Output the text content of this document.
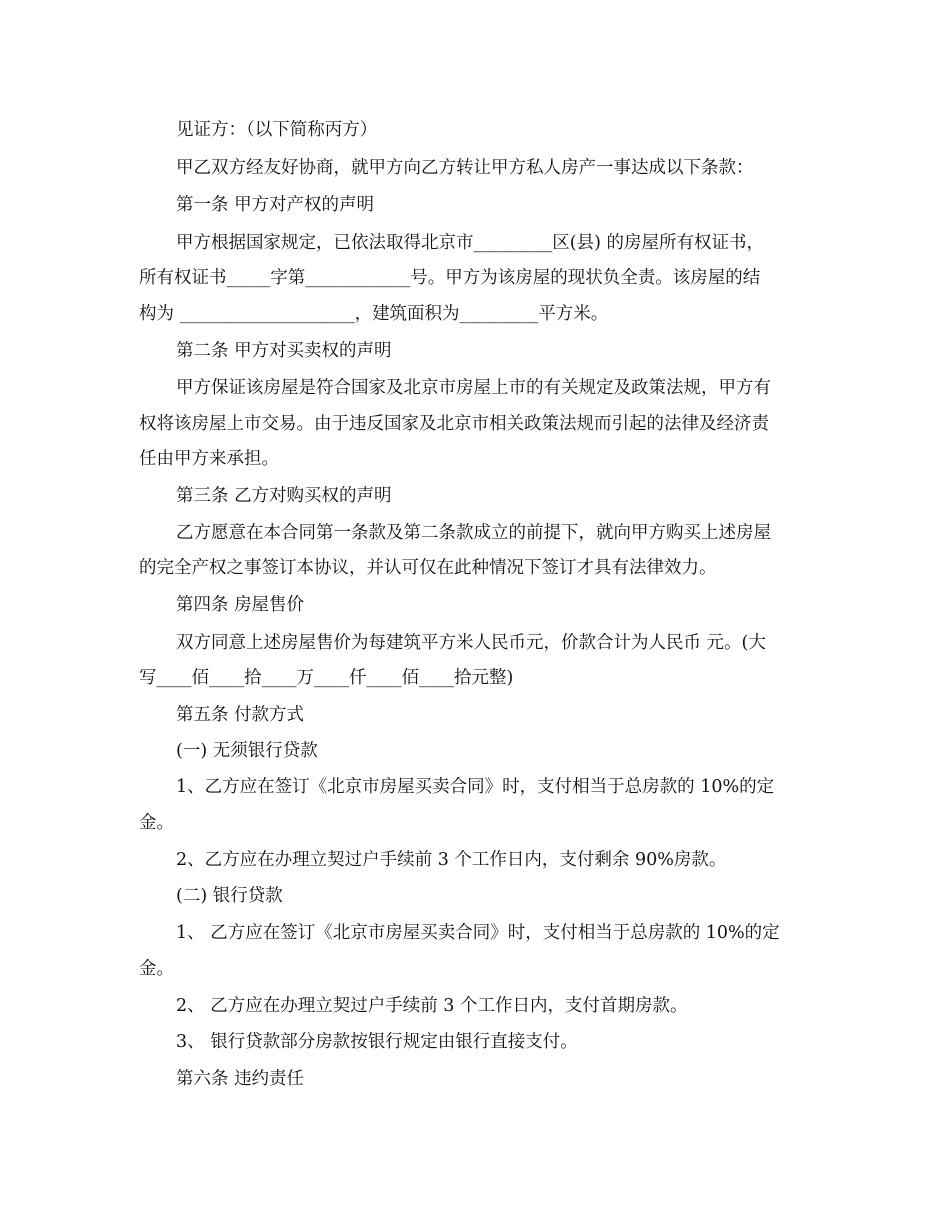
见证方：（以下简称丙方）
甲乙双方经友好协商，就甲方向乙方转让甲方私人房产一事达成以下条款：
第一条 甲方对产权的声明
甲方根据国家规定，已依法取得北京市_________区(县) 的房屋所有权证书，
所有权证书_____字第____________号。甲方为该房屋的现状负全责。该房屋的结
构为 ____________________，建筑面积为_________平方米。
第二条 甲方对买卖权的声明
甲方保证该房屋是符合国家及北京市房屋上市的有关规定及政策法规，甲方有
权将该房屋上市交易。由于违反国家及北京市相关政策法规而引起的法律及经济责
任由甲方来承担。
第三条 乙方对购买权的声明
乙方愿意在本合同第一条款及第二条款成立的前提下，就向甲方购买上述房屋
的完全产权之事签订本协议，并认可仅在此种情况下签订才具有法律效力。
第四条 房屋售价
双方同意上述房屋售价为每建筑平方米人民币元，价款合计为人民币 元。(大
写____佰____拾____万____仟____佰____拾元整)
第五条 付款方式
(一) 无须银行贷款
1、乙方应在签订《北京市房屋买卖合同》时，支付相当于总房款的 10%的定
金。
2、乙方应在办理立契过户手续前 3 个工作日内，支付剩余 90%房款。
(二) 银行贷款
1、 乙方应在签订《北京市房屋买卖合同》时，支付相当于总房款的 10%的定
金。
2、 乙方应在办理立契过户手续前 3 个工作日内，支付首期房款。
3、 银行贷款部分房款按银行规定由银行直接支付。
第六条 违约责任
